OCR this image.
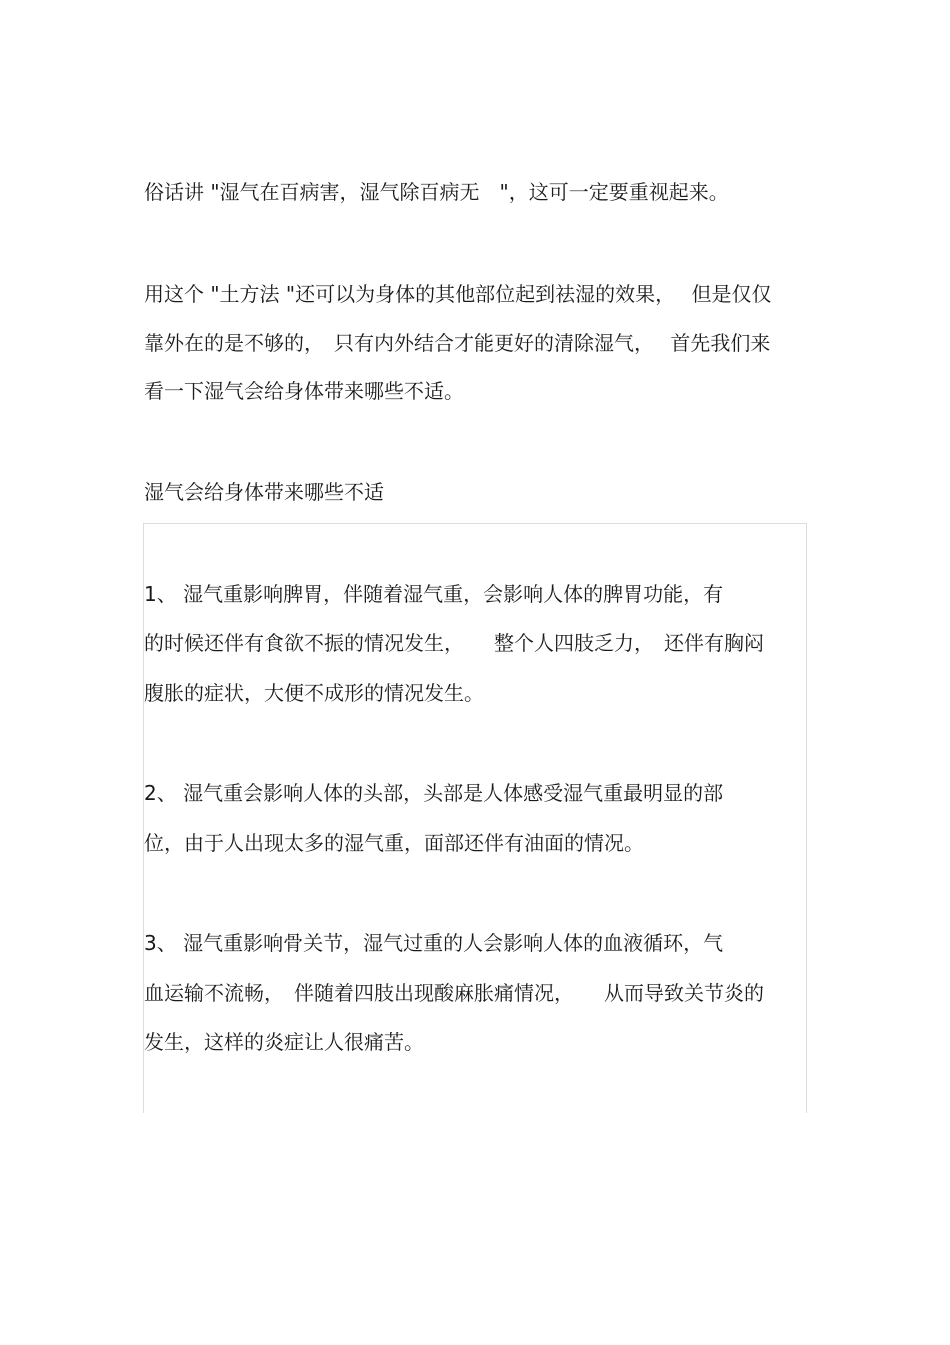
俗话讲 "湿气在百病害，湿气除百病无　"，这可一定要重视起来。

用这个 "土方法 "还可以为身体的其他部位起到祛湿的效果，　 但是仅仅

靠外在的是不够的，　只有内外结合才能更好的清除湿气，　 首先我们来

看一下湿气会给身体带来哪些不适。

湿气会给身体带来哪些不适

1、 湿气重影响脾胃，伴随着湿气重，会影响人体的脾胃功能，有

的时候还伴有食欲不振的情况发生，　　整个人四肢乏力，　还伴有胸闷

腹胀的症状，大便不成形的情况发生。

2、 湿气重会影响人体的头部，头部是人体感受湿气重最明显的部

位，由于人出现太多的湿气重，面部还伴有油面的情况。

3、 湿气重影响骨关节，湿气过重的人会影响人体的血液循环，气

血运输不流畅，　伴随着四肢出现酸麻胀痛情况，　　从而导致关节炎的

发生，这样的炎症让人很痛苦。
